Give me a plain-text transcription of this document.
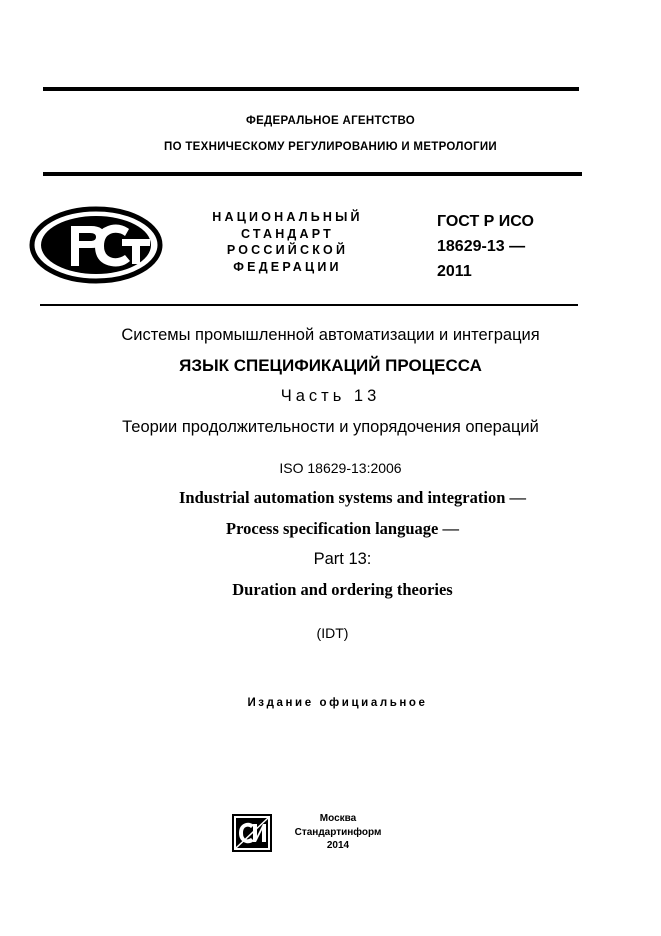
ФЕДЕРАЛЬНОЕ АГЕНТСТВО
ПО ТЕХНИЧЕСКОМУ РЕГУЛИРОВАНИЮ И МЕТРОЛОГИИ
НАЦИОНАЛЬНЫЙ
СТАНДАРТ
РОССИЙСКОЙ
ФЕДЕРАЦИИ
ГОСТ Р ИСО
18629-13 —
2011
Системы промышленной автоматизации и интеграция
ЯЗЫК СПЕЦИФИКАЦИЙ ПРОЦЕССА
Часть 13
Теории продолжительности и упорядочения операций
ISO 18629-13:2006
Industrial automation systems and integration —
Process specification language —
Part 13:
Duration and ordering theories
(IDT)
Издание официальное
Москва
Стандартинформ
2014
